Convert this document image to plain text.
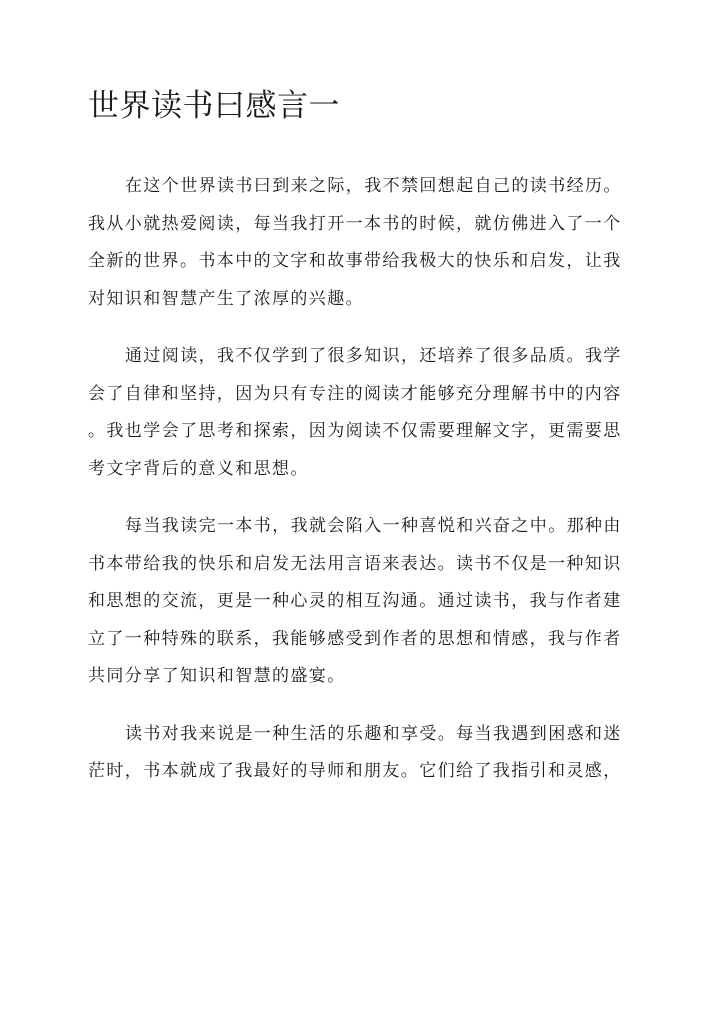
世界读书曰感言一

在这个世界读书曰到来之际，我不禁回想起自己的读书经历。
我从小就热爱阅读，每当我打开一本书的时候，就仿佛进入了一个
全新的世界。书本中的文字和故事带给我极大的快乐和启发，让我
对知识和智慧产生了浓厚的兴趣。

通过阅读，我不仅学到了很多知识，还培养了很多品质。我学
会了自律和坚持，因为只有专注的阅读才能够充分理解书中的内容
。我也学会了思考和探索，因为阅读不仅需要理解文字，更需要思
考文字背后的意义和思想。

每当我读完一本书，我就会陷入一种喜悦和兴奋之中。那种由
书本带给我的快乐和启发无法用言语来表达。读书不仅是一种知识
和思想的交流，更是一种心灵的相互沟通。通过读书，我与作者建
立了一种特殊的联系，我能够感受到作者的思想和情感，我与作者
共同分享了知识和智慧的盛宴。

读书对我来说是一种生活的乐趣和享受。每当我遇到困惑和迷
茫时，书本就成了我最好的导师和朋友。它们给了我指引和灵感，
